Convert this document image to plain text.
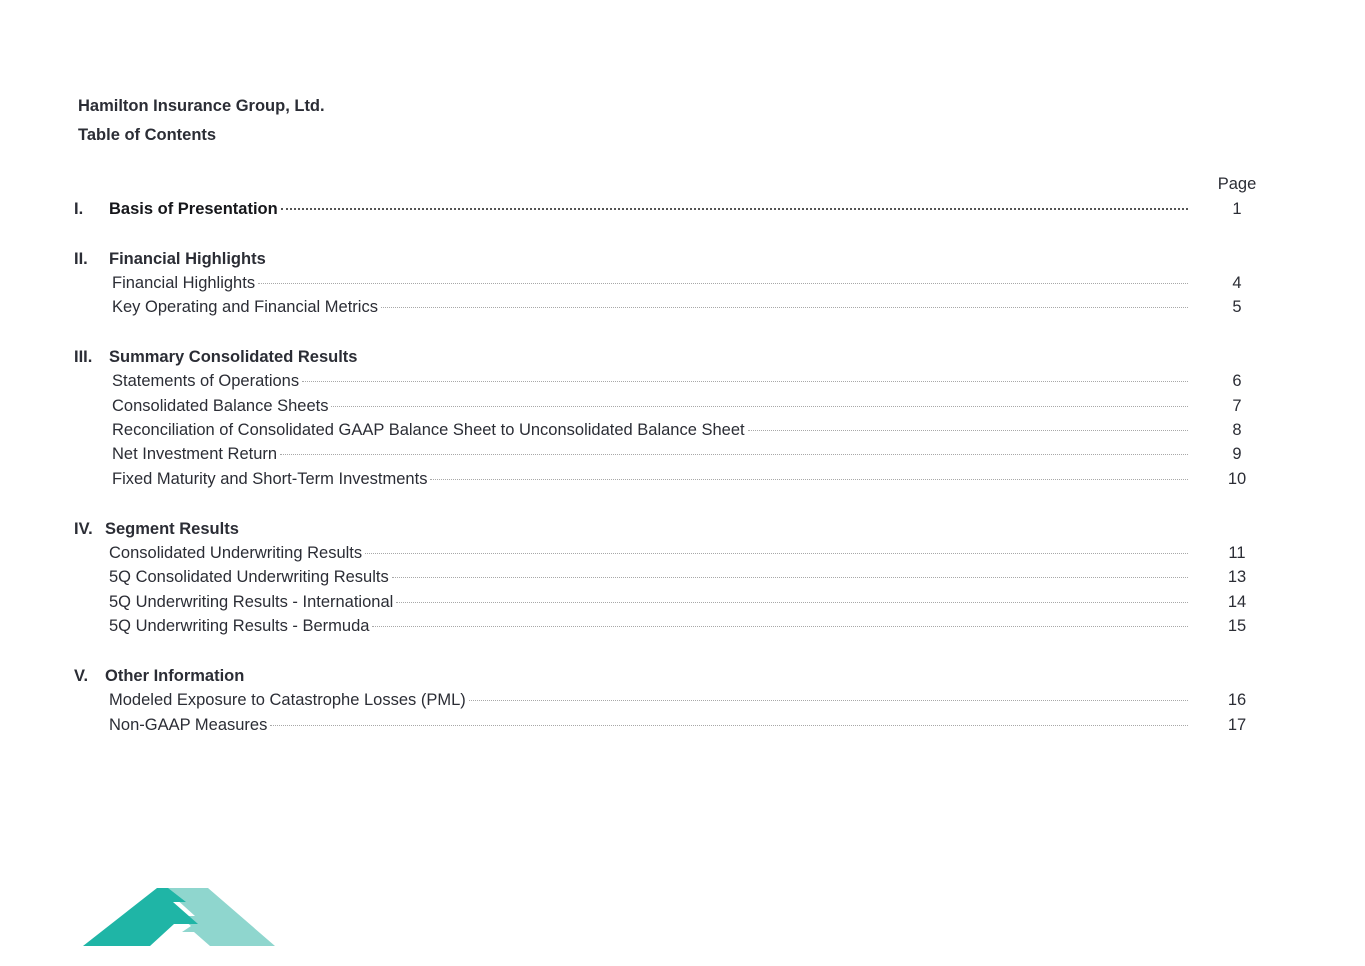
Hamilton Insurance Group, Ltd.
Table of Contents
Page
I. Basis of Presentation	1
II. Financial Highlights
Financial Highlights	4
Key Operating and Financial Metrics	5
III. Summary Consolidated Results
Statements of Operations	6
Consolidated Balance Sheets	7
Reconciliation of Consolidated GAAP Balance Sheet to Unconsolidated Balance Sheet	8
Net Investment Return	9
Fixed Maturity and Short-Term Investments	10
IV. Segment Results
Consolidated Underwriting Results	11
5Q Consolidated Underwriting Results	13
5Q Underwriting Results - International	14
5Q Underwriting Results - Bermuda	15
V. Other Information
Modeled Exposure to Catastrophe Losses (PML)	16
Non-GAAP Measures	17
